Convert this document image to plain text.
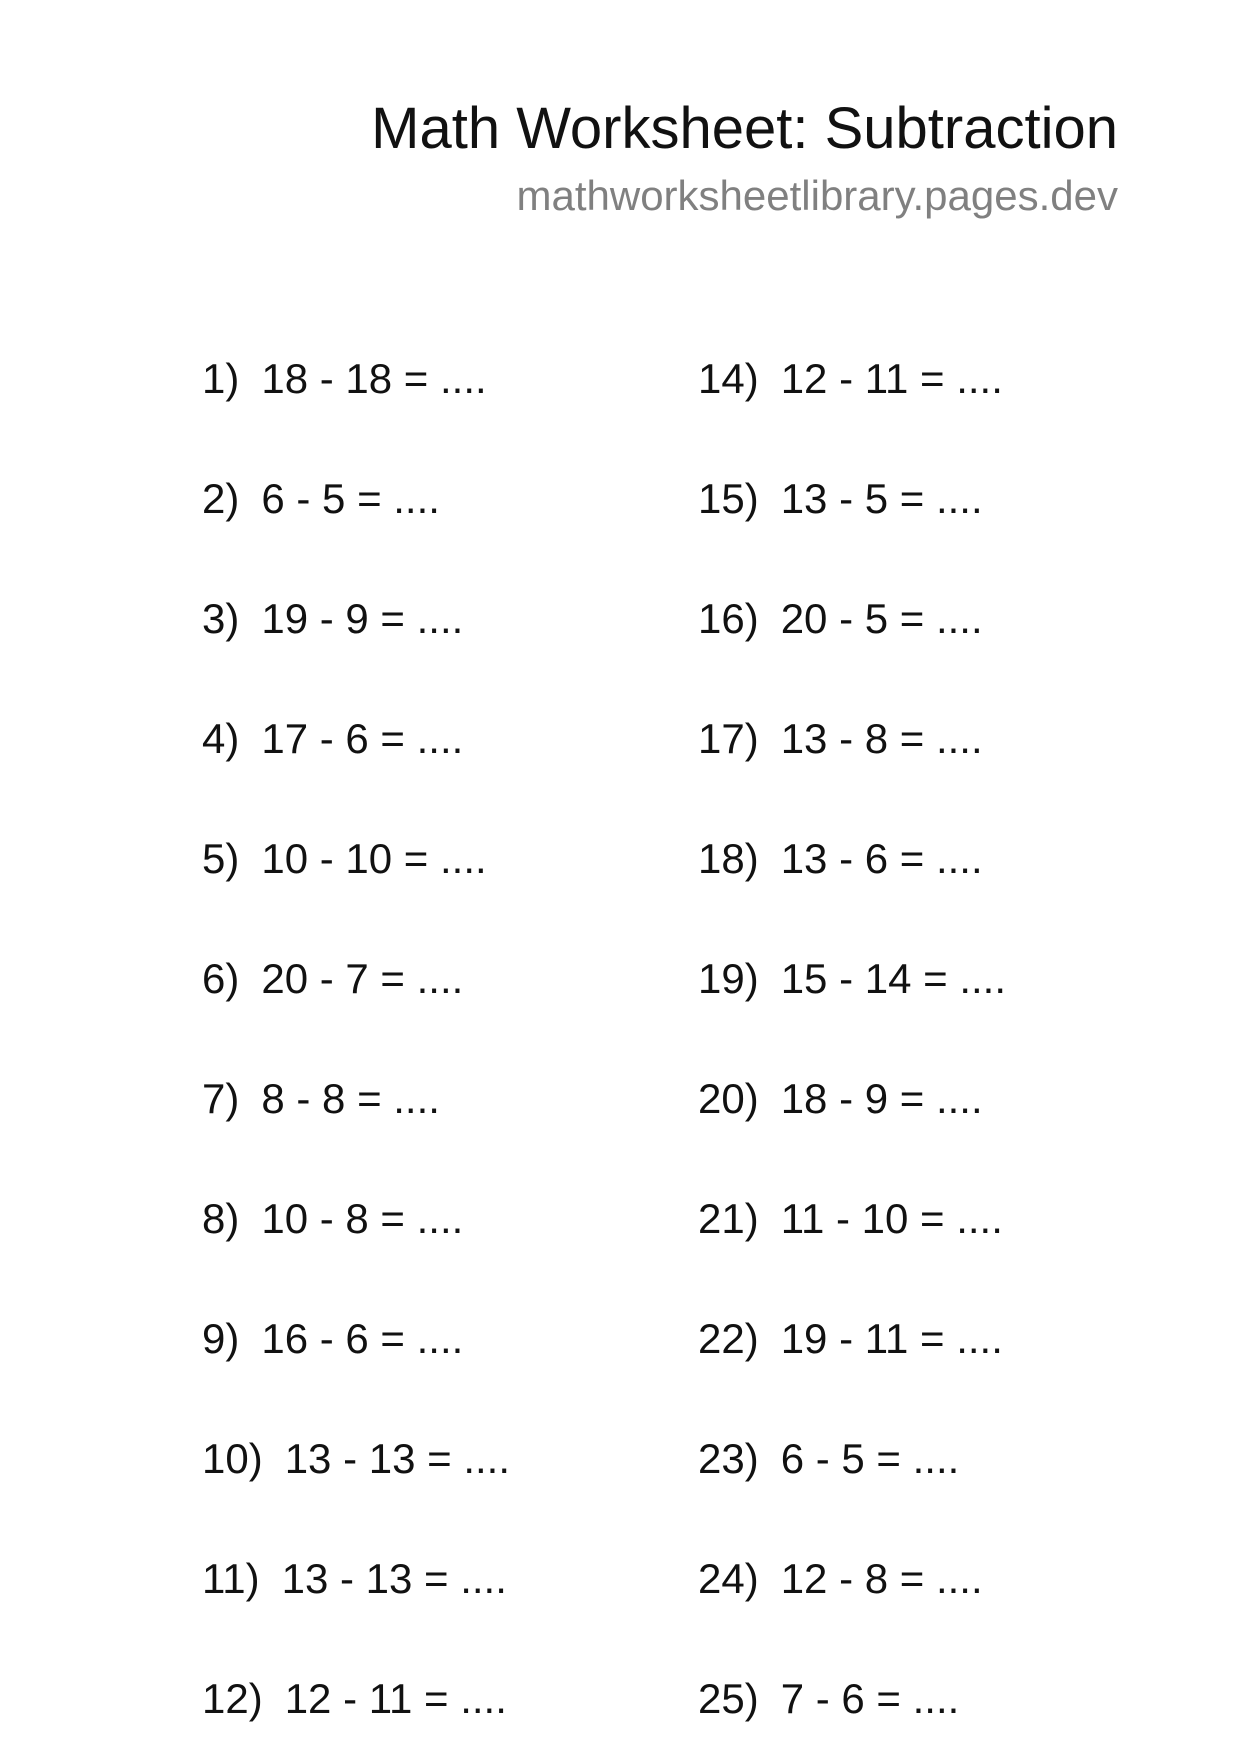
Math Worksheet: Subtraction
mathworksheetlibrary.pages.dev
1) 18 - 18 = ....
2) 6 - 5 = ....
3) 19 - 9 = ....
4) 17 - 6 = ....
5) 10 - 10 = ....
6) 20 - 7 = ....
7) 8 - 8 = ....
8) 10 - 8 = ....
9) 16 - 6 = ....
10) 13 - 13 = ....
11) 13 - 13 = ....
12) 12 - 11 = ....
14) 12 - 11 = ....
15) 13 - 5 = ....
16) 20 - 5 = ....
17) 13 - 8 = ....
18) 13 - 6 = ....
19) 15 - 14 = ....
20) 18 - 9 = ....
21) 11 - 10 = ....
22) 19 - 11 = ....
23) 6 - 5 = ....
24) 12 - 8 = ....
25) 7 - 6 = ....
